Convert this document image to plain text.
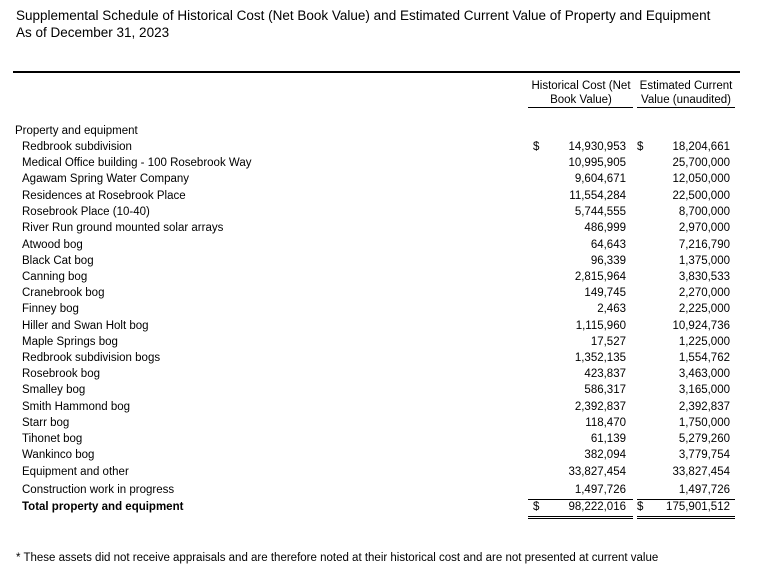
Supplemental Schedule of Historical Cost (Net Book Value) and Estimated Current Value of Property and Equipment
As of December 31, 2023
Historical Cost (Net
Book Value)
Estimated Current
Value (unaudited)
Property and equipment
Redbrook subdivision	$	14,930,953 $	18,204,661
Medical Office building - 100 Rosebrook Way	10,995,905	25,700,000
Agawam Spring Water Company	9,604,671	12,050,000
Residences at Rosebrook Place	11,554,284	22,500,000
Rosebrook Place (10-40)	5,744,555	8,700,000
River Run ground mounted solar arrays	486,999	2,970,000
Atwood bog	64,643	7,216,790
Black Cat bog	96,339	1,375,000
Canning bog	2,815,964	3,830,533
Cranebrook bog	149,745	2,270,000
Finney bog	2,463	2,225,000
Hiller and Swan Holt bog	1,115,960	10,924,736
Maple Springs bog	17,527	1,225,000
Redbrook subdivision bogs	1,352,135	1,554,762
Rosebrook bog	423,837	3,463,000
Smalley bog	586,317	3,165,000
Smith Hammond bog	2,392,837	2,392,837
Starr bog	118,470	1,750,000
Tihonet bog	61,139	5,279,260
Wankinco bog	382,094	3,779,754
Equipment and other	33,827,454	33,827,454
Construction work in progress	1,497,726	1,497,726
Total property and equipment	$	98,222,016 $ 175,901,512
* These assets did not receive appraisals and are therefore noted at their historical cost and are not presented at current value
